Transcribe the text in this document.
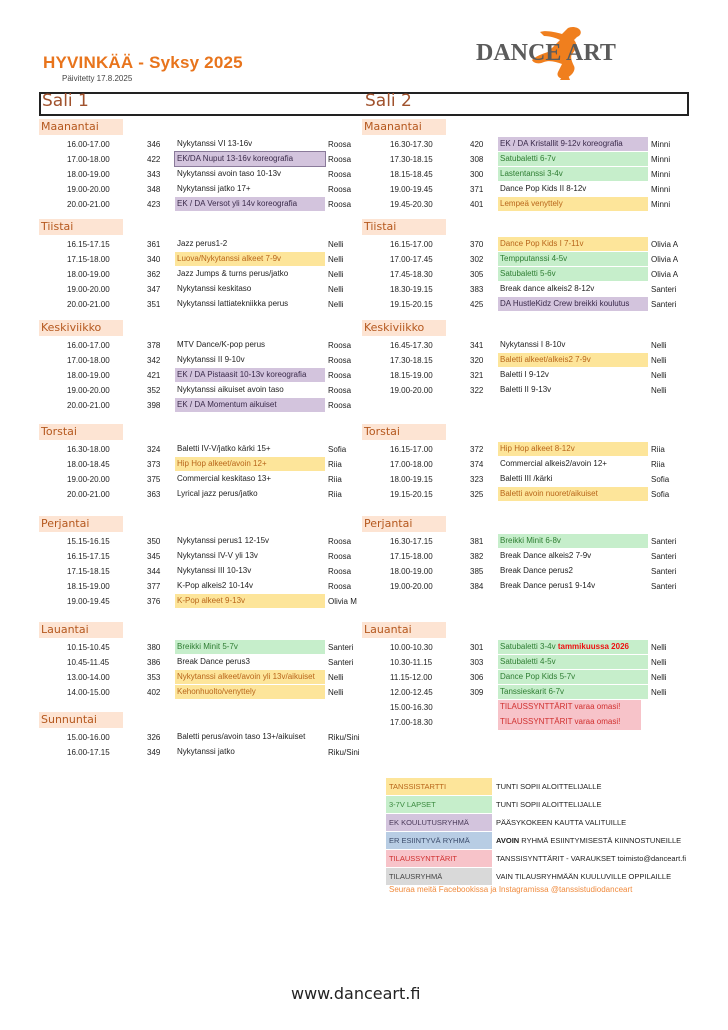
HYVINKÄÄ - Syksy 2025
Päivitetty 17.8.2025
DANCE ART
Sali 1	Sali 2
Maanantai
16.00-17.00	346	Nykytanssi VI 13-16v	Roosa
17.00-18.00	422	EK/DA Nuput 13-16v koreografia	Roosa
18.00-19.00	343	Nykytanssi avoin taso 10-13v	Roosa
19.00-20.00	348	Nykytanssi jatko 17+	Roosa
20.00-21.00	423	EK / DA Versot yli 14v koreografia	Roosa
Tiistai
16.15-17.15	361	Jazz perus1-2	Nelli
17.15-18.00	340	Luova/Nykytanssi alkeet 7-9v	Nelli
18.00-19.00	362	Jazz Jumps & turns perus/jatko	Nelli
19.00-20.00	347	Nykytanssi keskitaso	Nelli
20.00-21.00	351	Nykytanssi lattiatekniikka perus	Nelli
Keskiviikko
16.00-17.00	378	MTV Dance/K-pop perus	Roosa
17.00-18.00	342	Nykytanssi II 9-10v	Roosa
18.00-19.00	421	EK / DA Pistaasit 10-13v koreografia	Roosa
19.00-20.00	352	Nykytanssi aikuiset avoin taso	Roosa
20.00-21.00	398	EK / DA Momentum aikuiset	Roosa
Torstai
16.30-18.00	324	Baletti IV-V/jatko kärki 15+	Sofia
18.00-18.45	373	Hip Hop alkeet/avoin 12+	Riia
19.00-20.00	375	Commercial keskitaso 13+	Riia
20.00-21.00	363	Lyrical jazz perus/jatko	Riia
Perjantai
15.15-16.15	350	Nykytanssi perus1 12-15v	Roosa
16.15-17.15	345	Nykytanssi IV-V yli 13v	Roosa
17.15-18.15	344	Nykytanssi III 10-13v	Roosa
18.15-19.00	377	K-Pop alkeis2 10-14v	Roosa
19.00-19.45	376	K-Pop alkeet 9-13v	Olivia M
Lauantai
10.15-10.45	380	Breikki Minit 5-7v	Santeri
10.45-11.45	386	Break Dance perus3	Santeri
13.00-14.00	353	Nykytanssi alkeet/avoin yli 13v/aikuiset	Nelli
14.00-15.00	402	Kehonhuolto/venyttely	Nelli
Sunnuntai
15.00-16.00	326	Baletti perus/avoin taso 13+/aikuiset	Riku/Sini
16.00-17.15	349	Nykytanssi jatko	Riku/Sini
Maanantai
16.30-17.30	420	EK / DA Kristallit 9-12v koreografia	Minni
17.30-18.15	308	Satubaletti 6-7v	Minni
18.15-18.45	300	Lastentanssi 3-4v	Minni
19.00-19.45	371	Dance Pop Kids II 8-12v	Minni
19.45-20.30	401	Lempeä venyttely	Minni
Tiistai
16.15-17.00	370	Dance Pop Kids I 7-11v	Olivia A
17.00-17.45	302	Tempputanssi 4-5v	Olivia A
17.45-18.30	305	Satubaletti 5-6v	Olivia A
18.30-19.15	383	Break dance alkeis2 8-12v	Santeri
19.15-20.15	425	DA HustleKidz Crew breikki koulutus	Santeri
Keskiviikko
16.45-17.30	341	Nykytanssi I 8-10v	Nelli
17.30-18.15	320	Baletti alkeet/alkeis2 7-9v	Nelli
18.15-19.00	321	Baletti I 9-12v	Nelli
19.00-20.00	322	Baletti II 9-13v	Nelli
Torstai
16.15-17.00	372	Hip Hop alkeet 8-12v	Riia
17.00-18.00	374	Commercial alkeis2/avoin 12+	Riia
18.00-19.15	323	Baletti III /kärki	Sofia
19.15-20.15	325	Baletti avoin nuoret/aikuiset	Sofia
Perjantai
16.30-17.15	381	Breikki Minit 6-8v	Santeri
17.15-18.00	382	Break Dance alkeis2 7-9v	Santeri
18.00-19.00	385	Break Dance perus2	Santeri
19.00-20.00	384	Break Dance perus1 9-14v	Santeri
Lauantai
10.00-10.30	301	Satubaletti 3-4v tammikuussa 2026	Nelli
10.30-11.15	303	Satubaletti 4-5v	Nelli
11.15-12.00	306	Dance Pop Kids 5-7v	Nelli
12.00-12.45	309	Tanssieskarit 6-7v	Nelli
15.00-16.30	TILAUSSYNTTÄRIT varaa omasi!
17.00-18.30	TILAUSSYNTTÄRIT varaa omasi!
TANSSISTARTTI	TUNTI SOPII ALOITTELIJALLE
3-7V LAPSET	TUNTI SOPII ALOITTELIJALLE
EK KOULUTUSRYHMÄ	PÄÄSYKOKEEN KAUTTA VALITUILLE
ER ESIINTYVÄ RYHMÄ	AVOIN RYHMÄ ESIINTYMISESTÄ KIINNOSTUNEILLE
TILAUSSYNTTÄRIT	TANSSISYNTTÄRIT - VARAUKSET toimisto@danceart.fi
TILAUSRYHMÄ	VAIN TILAUSRYHMÄÄN KUULUVILLE OPPILAILLE
Seuraa meitä Facebookissa ja Instagramissa @tanssistudiodanceart
www.danceart.fi
